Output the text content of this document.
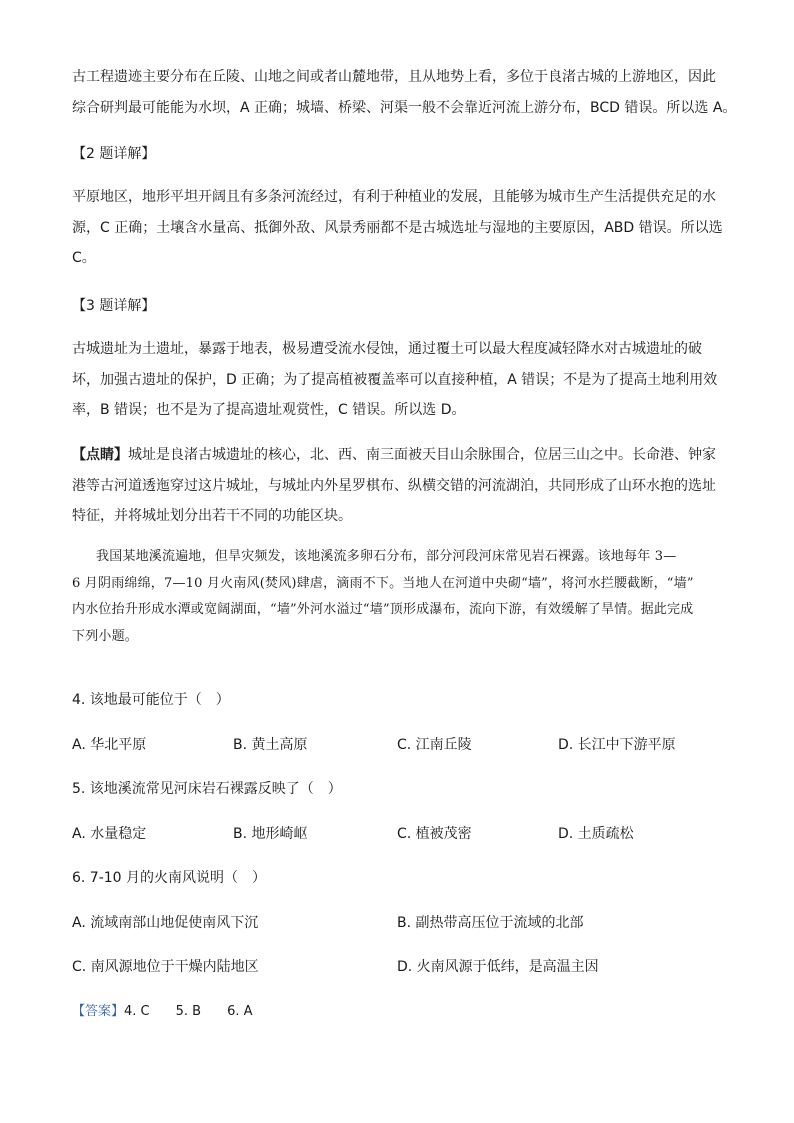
古工程遗迹主要分布在丘陵、山地之间或者山麓地带，且从地势上看，多位于良渚古城的上游地区，因此
综合研判最可能能为水坝，A 正确；城墙、桥梁、河渠一般不会靠近河流上游分布，BCD 错误。所以选 A。

【2 题详解】

平原地区，地形平坦开阔且有多条河流经过，有利于种植业的发展，且能够为城市生产生活提供充足的水
源，C 正确；土壤含水量高、抵御外敌、风景秀丽都不是古城选址与湿地的主要原因，ABD 错误。所以选
C。

【3 题详解】

古城遗址为土遗址，暴露于地表，极易遭受流水侵蚀，通过覆土可以最大程度减轻降水对古城遗址的破
坏，加强古遗址的保护，D 正确；为了提高植被覆盖率可以直接种植，A 错误；不是为了提高土地利用效
率，B 错误；也不是为了提高遗址观赏性，C 错误。所以选 D。
【点睛】城址是良渚古城遗址的核心，北、西、南三面被天目山余脉围合，位居三山之中。长命港、钟家
港等古河道透迤穿过这片城址，与城址内外星罗棋布、纵横交错的河流湖泊，共同形成了山环水抱的选址
特征，并将城址划分出若干不同的功能区块。
我国某地溪流遍地，但旱灾频发，该地溪流多卵石分布，部分河段河床常见岩石裸露。该地每年 3—
6 月阴雨绵绵，7—10 月火南风(焚风)肆虐，滴雨不下。当地人在河道中央砌“墙”，将河水拦腰截断，“墙”
内水位抬升形成水潭或宽阔湖面，“墙”外河水溢过“墙”顶形成瀑布，流向下游，有效缓解了旱情。据此完成
下列小题。

4. 该地最可能位于（　）

A. 华北平原	B. 黄土高原	C. 江南丘陵	D. 长江中下游平原

5. 该地溪流常见河床岩石裸露反映了（　）

A. 水量稳定	B. 地形崎岖	C. 植被茂密	D. 土质疏松

6. 7-10 月的火南风说明（　）

A. 流域南部山地促使南风下沉	B. 副热带高压位于流域的北部

C. 南风源地位于干燥内陆地区	D. 火南风源于低纬，是高温主因

【答案】4. C 5. B 6. A
